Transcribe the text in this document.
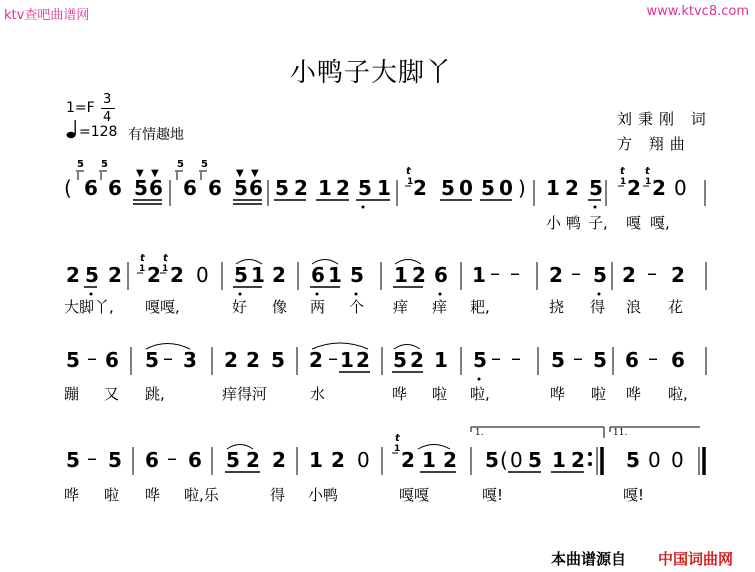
ktv查吧曲谱网	www.ktvc8.com
小鸭子大脚丫
1=F
3
4
=128 有情趣地
刘秉刚 词
方 翔曲
(
5
6
5
6 5 6
▼ ▼
5
6
5
6 5 6
▼ ▼
5 2 1 2 5 1
t
1 2 5 0 5 0 ) 1 2 5
t
1 2
t
1 2 0
2 5 2
t
1 2
t
1 2 0 5 1 2 6 1 5 1 2 6 1 – – 2 – 5 2 – 2
5 – 6 5 – 3 2 2 5 2 – 1 2 5 2 1 5 – – 5 – 5 6 – 6
5 – 5 6 – 6 5 2 2 1 2 0
t
1 2 1 2 5 ( 0 5 1 2 5 0 0
1.	11.
小 鸭 子, 嘎 嘎,
大脚丫, 嘎嘎,	好 像 两 个 痒 痒 耙,	挠 得 浪 花
蹦 又 跳,	痒得河	水	哗 啦 啦,	哗 啦 哗 啦,
哗 啦 哗 啦,乐	得 小鸭	嘎嘎	嘎!	嘎!
本曲谱源自 中国词曲网
